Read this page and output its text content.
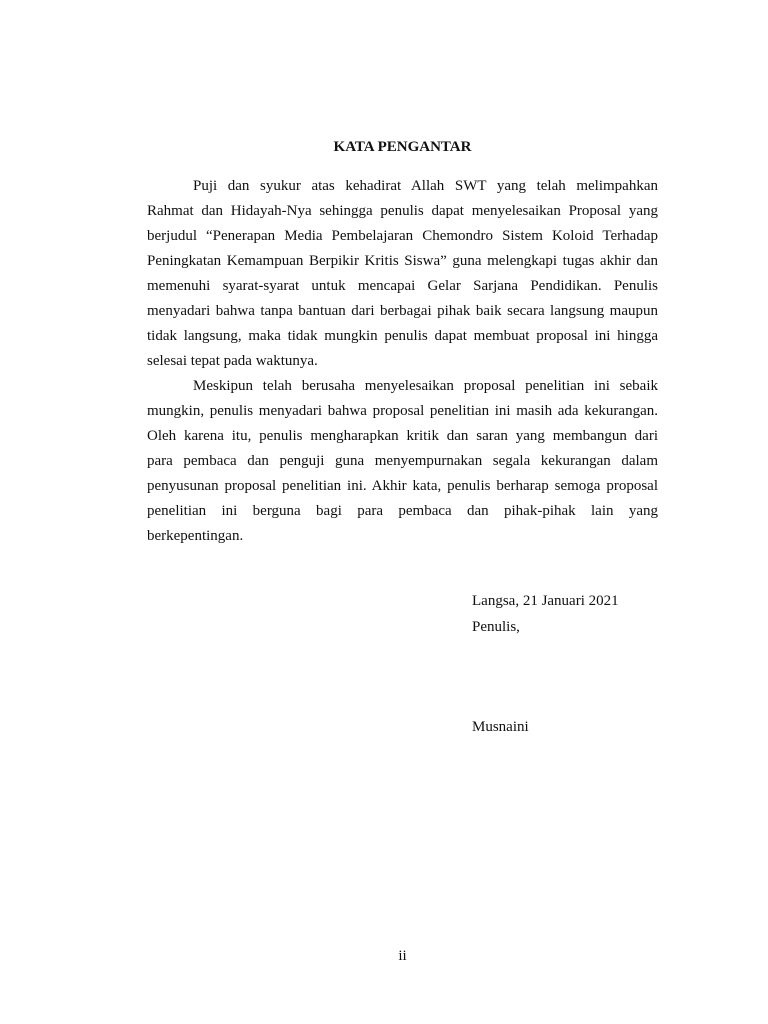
KATA PENGANTAR
Puji dan syukur atas kehadirat Allah SWT yang telah melimpahkan
Rahmat dan Hidayah-Nya sehingga penulis dapat menyelesaikan Proposal yang
berjudul “Penerapan Media Pembelajaran Chemondro Sistem Koloid Terhadap
Peningkatan Kemampuan Berpikir Kritis Siswa” guna melengkapi tugas akhir dan
memenuhi syarat-syarat untuk mencapai Gelar Sarjana Pendidikan. Penulis
menyadari bahwa tanpa bantuan dari berbagai pihak baik secara langsung maupun
tidak langsung, maka tidak mungkin penulis dapat membuat proposal ini hingga
selesai tepat pada waktunya.
Meskipun telah berusaha menyelesaikan proposal penelitian ini sebaik
mungkin, penulis menyadari bahwa proposal penelitian ini masih ada kekurangan.
Oleh karena itu, penulis mengharapkan kritik dan saran yang membangun dari
para pembaca dan penguji guna menyempurnakan segala kekurangan dalam
penyusunan proposal penelitian ini. Akhir kata, penulis berharap semoga proposal
penelitian ini berguna bagi para pembaca dan pihak-pihak lain yang
berkepentingan.
Langsa, 21 Januari 2021
Penulis,
Musnaini
ii
